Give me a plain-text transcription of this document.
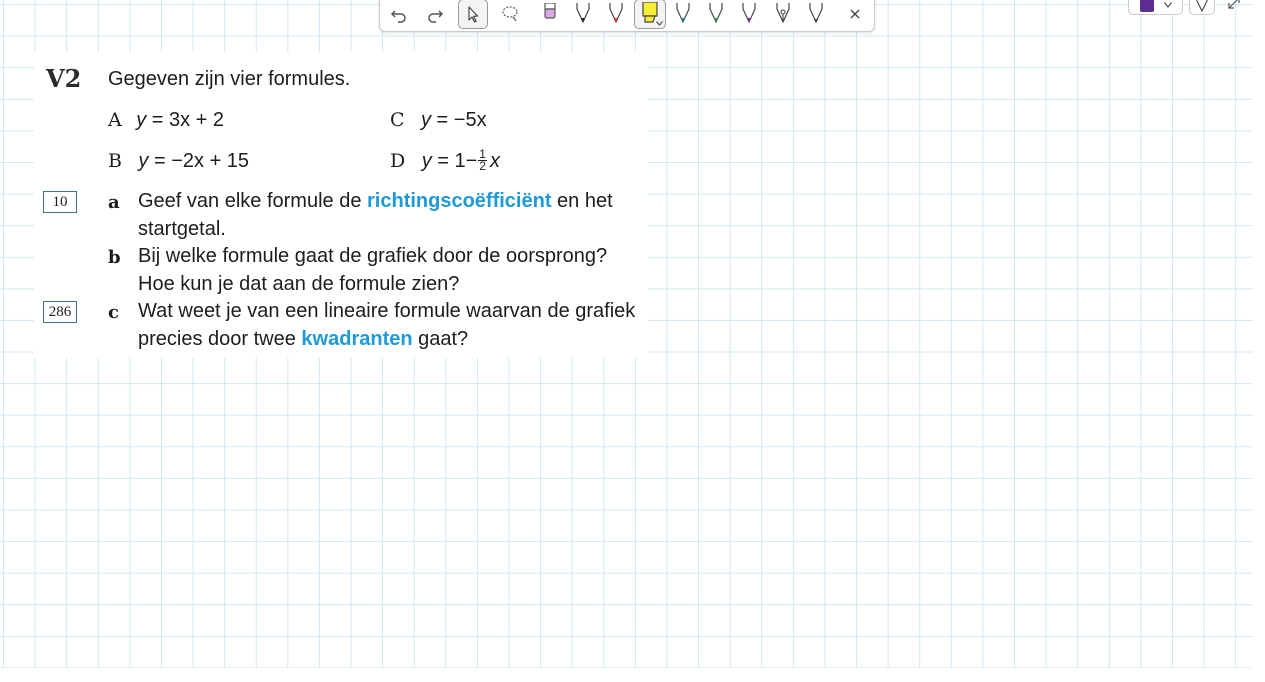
V2 Gegeven zijn vier formules.
A y = 3x + 2
B y = −2x + 15
C y = −5x
D $y = 1- \frac{1}{2}$ x
10
286
a Geef van elke formule de richtingscoëfficiënt en het
startgetal.
b Bij welke formule gaat de grafiek door de oorsprong?
Hoe kun je dat aan de formule zien?
c Wat weet je van een lineaire formule waarvan de grafiek
precies door twee kwadranten gaat?
